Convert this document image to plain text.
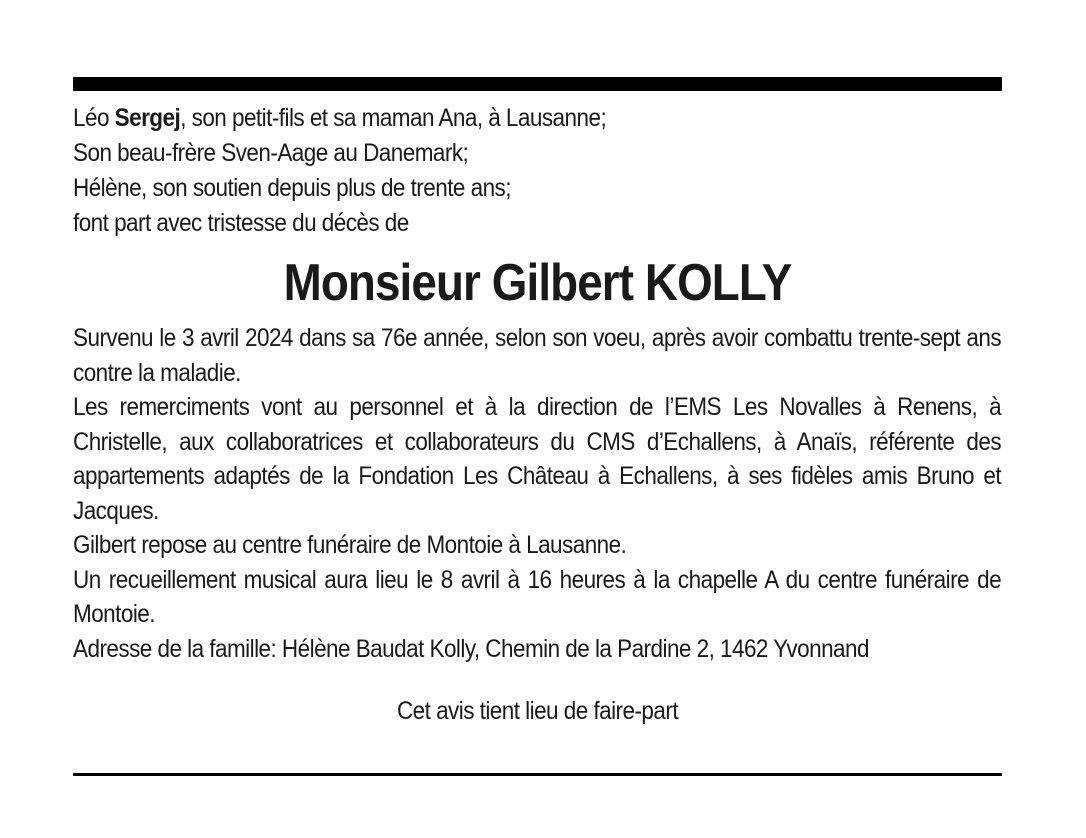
Léo Sergej, son petit-fils et sa maman Ana, à Lausanne;

Son beau-frère Sven-Aage au Danemark;

Hélène, son soutien depuis plus de trente ans;

font part avec tristesse du décès de

Monsieur Gilbert KOLLY

Survenu le 3 avril 2024 dans sa 76e année, selon son voeu, après avoir combattu trente-sept ans contre la maladie.

Les remerciments vont au personnel et à la direction de l’EMS Les Novalles à Renens, à Christelle, aux collaboratrices et collaborateurs du CMS d’Echallens, à Anaïs, référente des appartements adaptés de la Fondation Les Château à Echallens, à ses fidèles amis Bruno et Jacques.

Gilbert repose au centre funéraire de Montoie à Lausanne.

Un recueillement musical aura lieu le 8 avril à 16 heures à la chapelle A du centre funéraire de Montoie.

Adresse de la famille: Hélène Baudat Kolly, Chemin de la Pardine 2, 1462 Yvonnand

Cet avis tient lieu de faire-part
